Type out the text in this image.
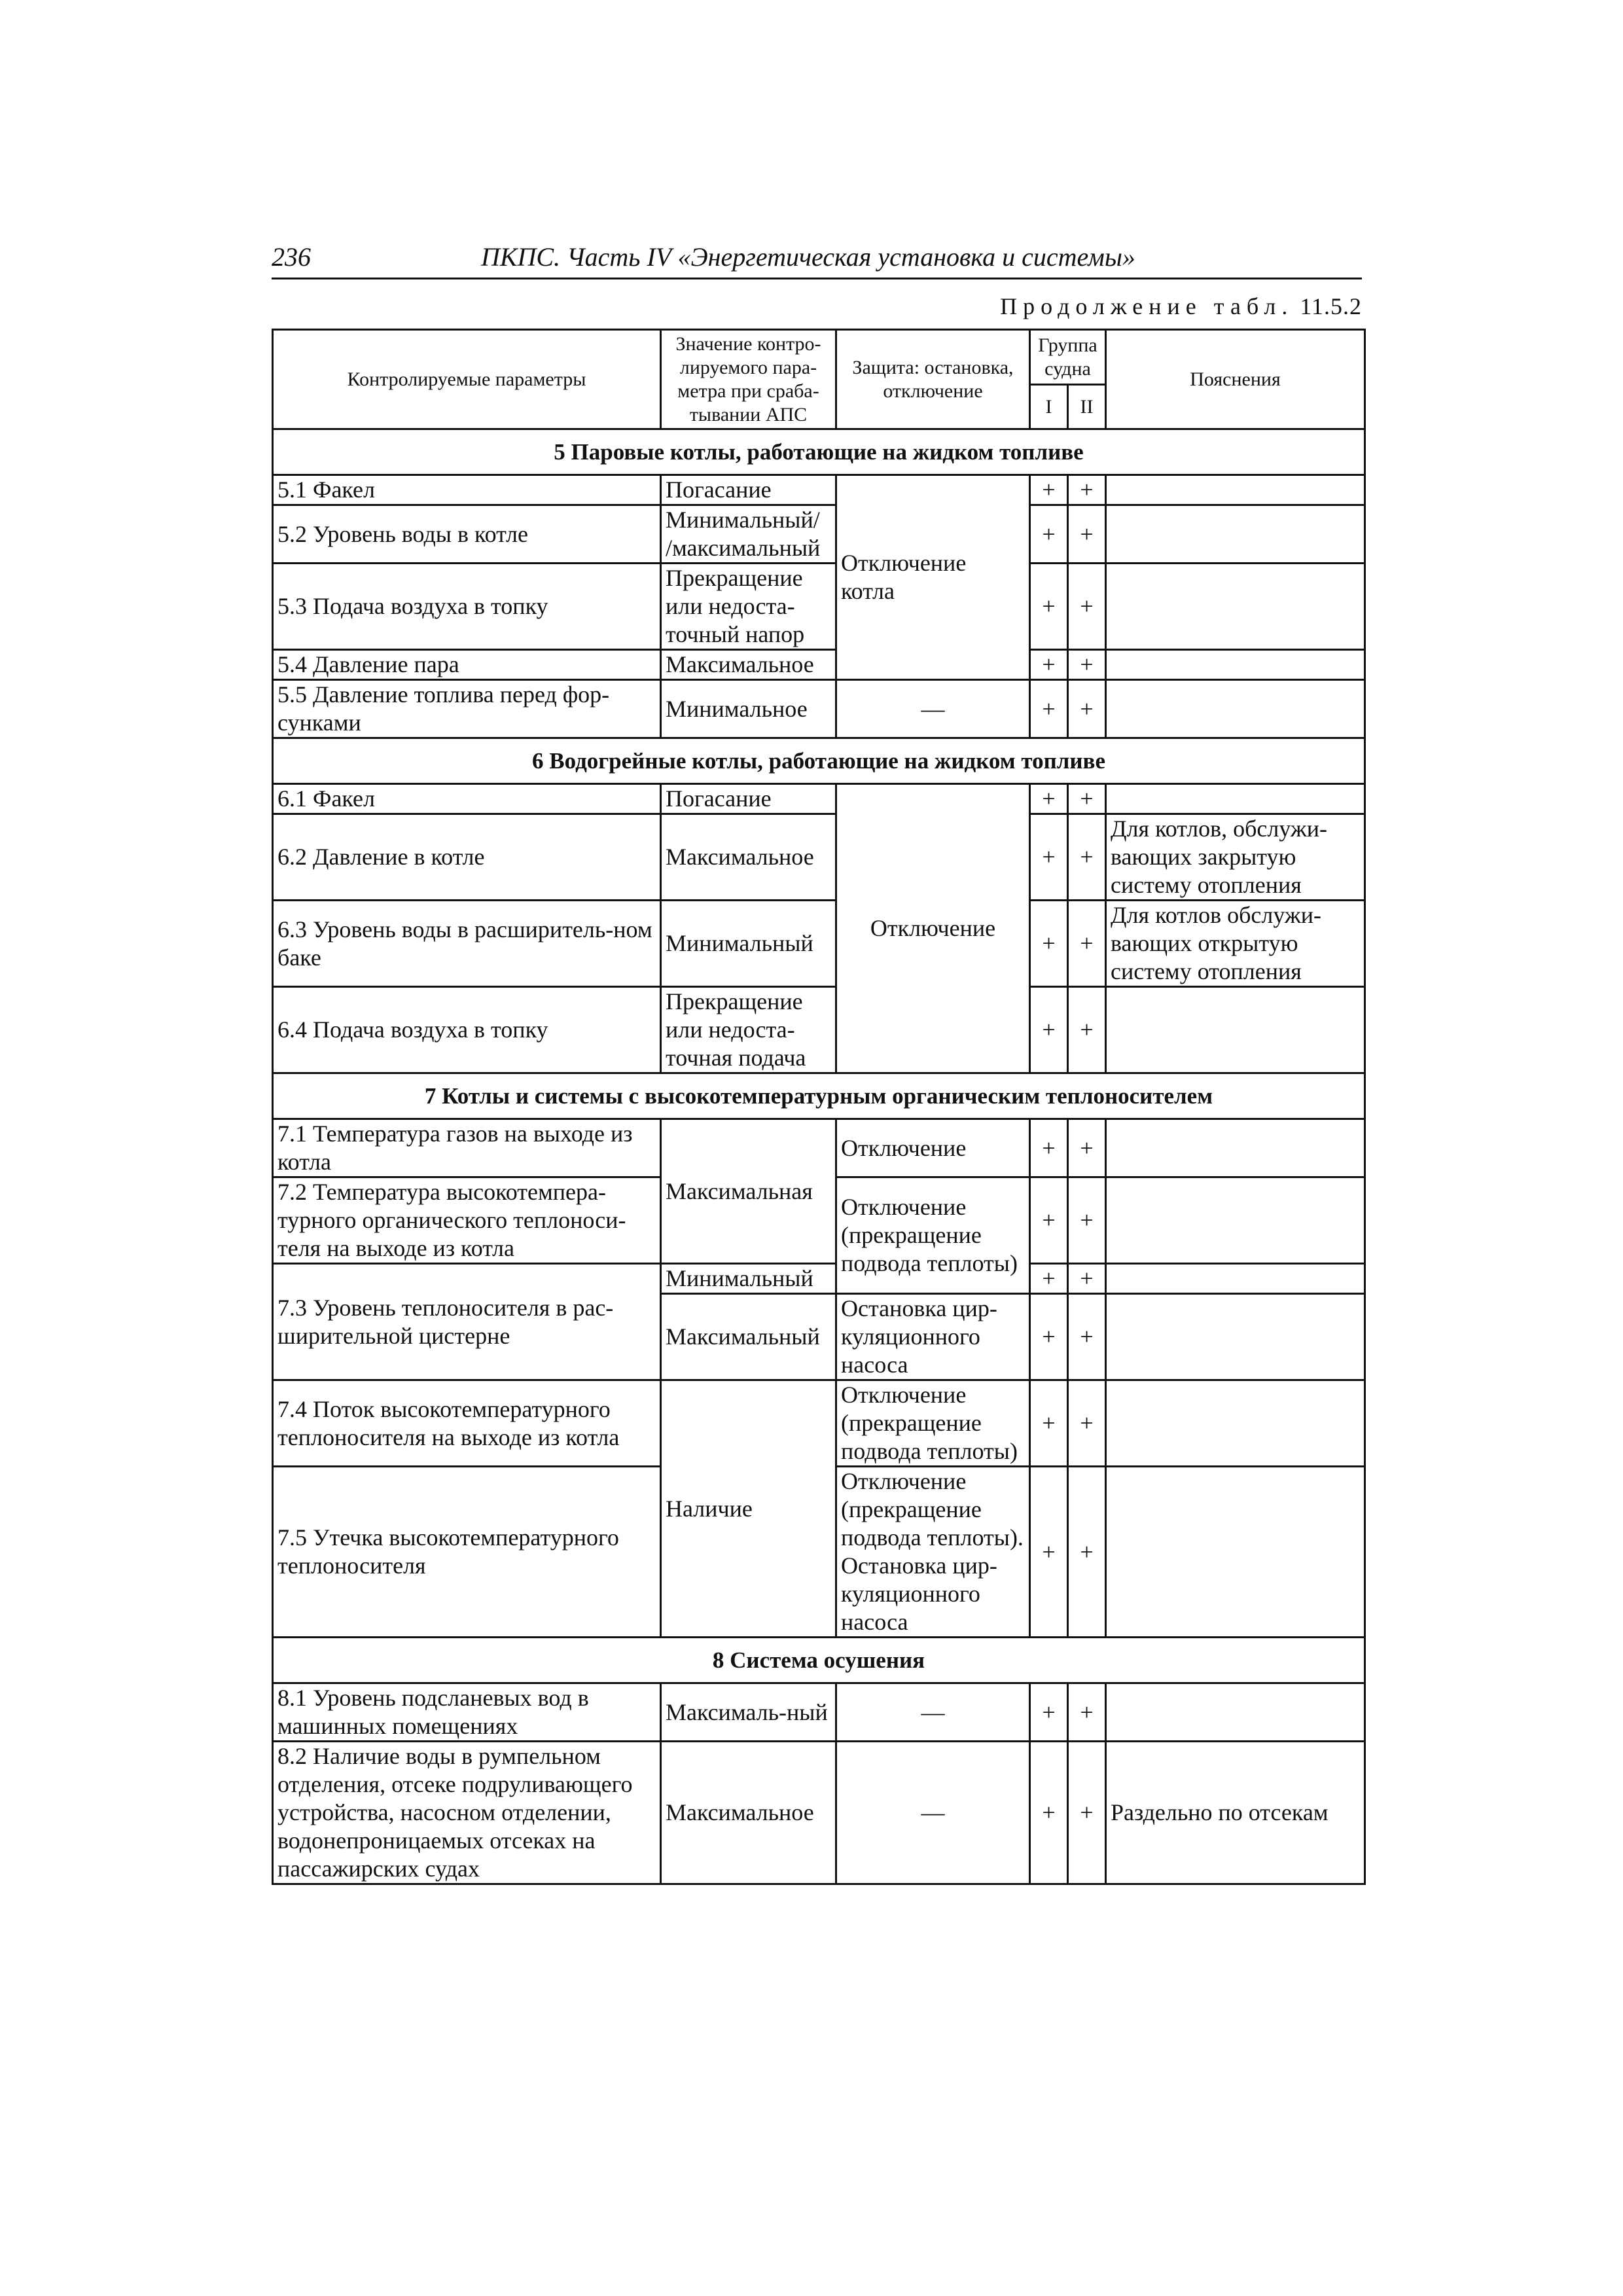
236	ПКПС. Часть IV «Энергетическая установка и системы»
Продолжение табл. 11.5.2
Контролируемые параметры	Значение контро-лируемого пара-метра при сраба-тывании АПС	Защита: остановка, отключение	Группа судна		Пояснения
			I	II	
5 Паровые котлы, работающие на жидком топливе					
5.1 Факел	Погасание	Отключение котла	+	+	
5.2 Уровень воды в котле	Минимальный/ /максимальный		+	+	
5.3 Подача воздуха в топку	Прекращение или недоста-точный напор		+	+	
5.4 Давление пара	Максимальное		+	+	
5.5 Давление топлива перед фор-сунками	Минимальное	—	+	+	
6 Водогрейные котлы, работающие на жидком топливе					
6.1 Факел	Погасание	Отключение	+	+	
6.2 Давление в котле	Максимальное		+	+	Для котлов, обслужи-вающих закрытую систему отопления
6.3 Уровень воды в расширитель-ном баке	Минимальный		+	+	Для котлов обслужи-вающих открытую систему отопления
6.4 Подача воздуха в топку	Прекращение или недоста-точная подача		+	+	
7 Котлы и системы с высокотемпературным органическим теплоносителем					
7.1 Температура газов на выходе из котла	Максимальная	Отключение	+	+	
7.2 Температура высокотемпера-турного органического теплоноси-теля на выходе из котла		Отключение (прекращение подвода теплоты)	+	+	
7.3 Уровень теплоносителя в рас-ширительной цистерне	Минимальный		+	+	
	Максимальный	Остановка цир-куляционного насоса	+	+	
7.4 Поток высокотемпературного теплоносителя на выходе из котла	Наличие	Отключение (прекращение подвода теплоты)	+	+	
7.5 Утечка высокотемпературного теплоносителя		Отключение (прекращение подвода теплоты). Остановка цир-куляционного насоса	+	+	
8 Система осушения					
8.1 Уровень подсланевых вод в машинных помещениях	Максималь-ный	—	+	+	
8.2 Наличие воды в румпельном отделения, отсеке подруливающего устройства, насосном отделении, водонепроницаемых отсеках на пассажирских судах	Максимальное	—	+	+	Раздельно по отсекам
